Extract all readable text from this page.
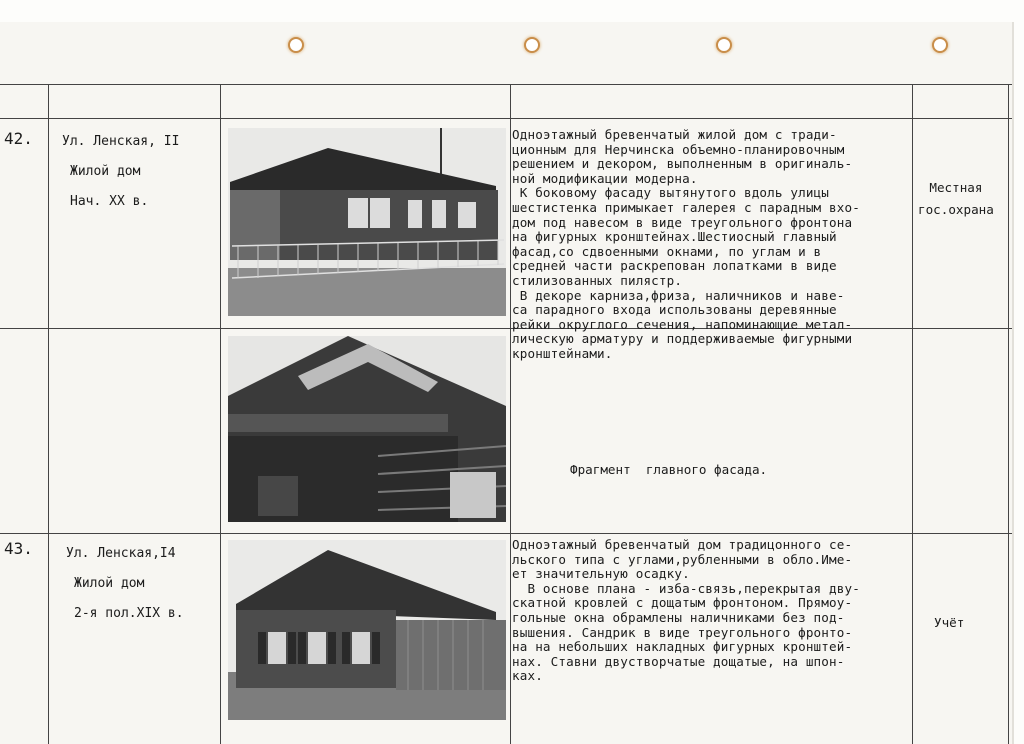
42. Ул. Ленская, II
Жилой дом
Нач. XX в.
Одноэтажный бревенчатый жилой дом с тради-
ционным для Нерчинска объемно-планировочным
решением и декором, выполненным в оригиналь-
ной модификации модерна.
К боковому фасаду вытянутого вдоль улицы
шестистенка примыкает галерея с парадным вхо-
дом под навесом в виде треугольного фронтона
на фигурных кронштейнах.Шестиосный главный
фасад,со сдвоенными окнами, по углам и в
средней части раскрепован лопатками в виде
стилизованных пилястр.
В декоре карниза,фриза, наличников и наве-
са парадного входа использованы деревянные
рейки округлого сечения, напоминающие метал-
лическую арматуру и поддерживаемые фигурными
кронштейнами.
Фрагмент  главного фасада.
Местная
гос.охрана
43.	Ул. Ленская,I4
Жилой дом
2-я пол.XIX в.
Одноэтажный бревенчатый дом традицонного се-
льского типа с углами,рубленными в обло.Име-
ет значительную осадку.
В основе плана - изба-связь,перекрытая дву-
скатной кровлей с дощатым фронтоном. Прямоу-
гольные окна обрамлены наличниками без под-
вышения. Сандрик в виде треугольного фронто-
на на небольших накладных фигурных кронштей-
нах. Ставни двустворчатые дощатые, на шпон-
ках.
Учёт
